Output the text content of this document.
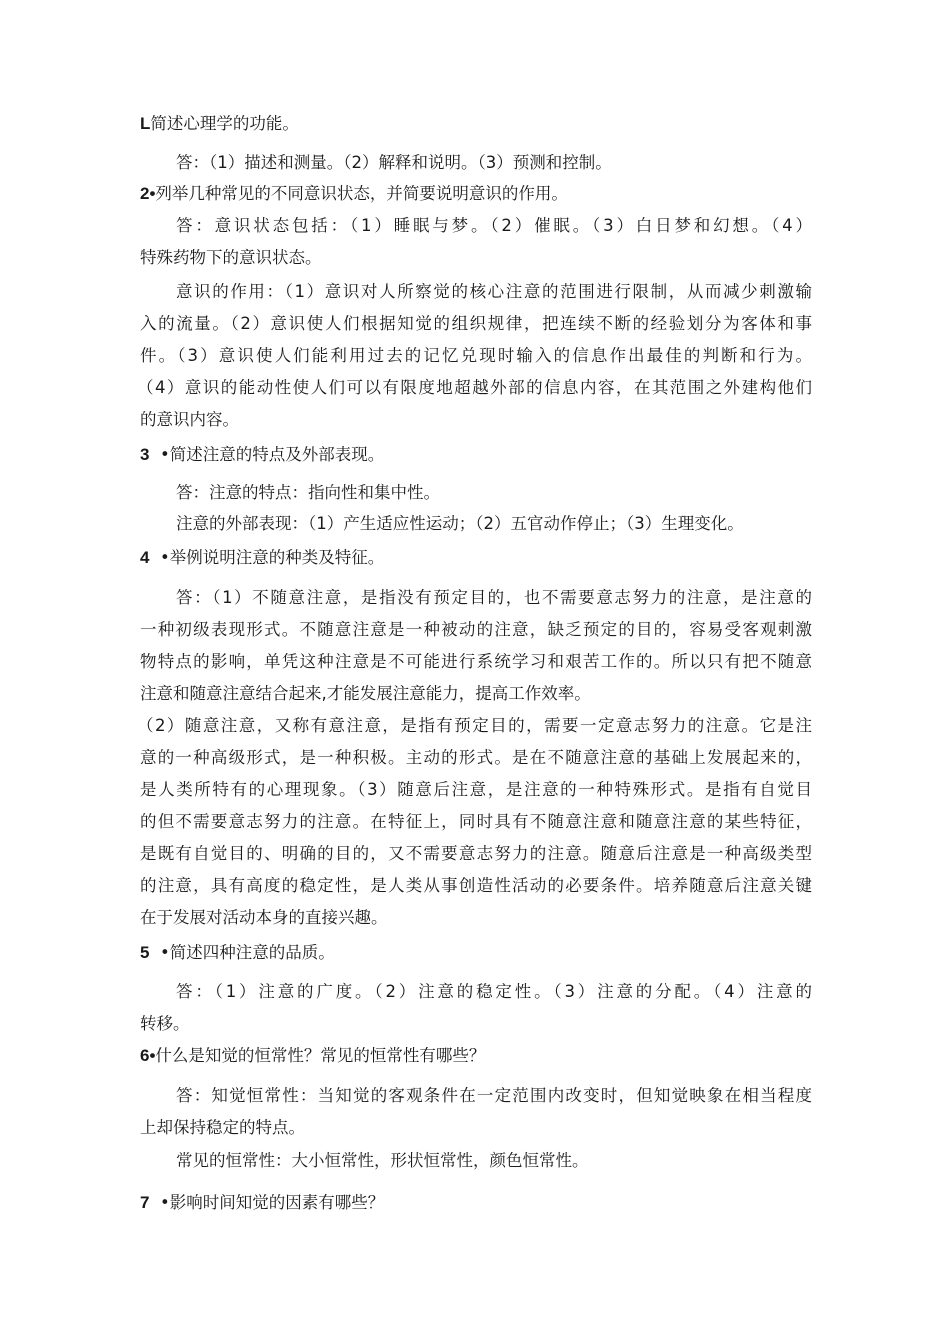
L简述心理学的功能。
答：（1）描述和测量。（2）解释和说明。（3）预测和控制。
2•列举几种常见的不同意识状态，并简要说明意识的作用。
答：意识状态包括：（1）睡眠与梦。（2）催眠。（3）白日梦和幻想。（4）
特殊药物下的意识状态。
意识的作用：（1）意识对人所察觉的核心注意的范围进行限制，从而减少刺激输
入的流量。（2）意识使人们根据知觉的组织规律，把连续不断的经验划分为客体和事
件。（3）意识使人们能利用过去的记忆兑现时输入的信息作出最佳的判断和行为。
（4）意识的能动性使人们可以有限度地超越外部的信息内容，在其范围之外建构他们
的意识内容。
3 •简述注意的特点及外部表现。
答：注意的特点：指向性和集中性。
注意的外部表现：（1）产生适应性运动；（2）五官动作停止；（3）生理变化。
4 •举例说明注意的种类及特征。
答：（1）不随意注意，是指没有预定目的，也不需要意志努力的注意，是注意的
一种初级表现形式。不随意注意是一种被动的注意，缺乏预定的目的，容易受客观刺激
物特点的影响，单凭这种注意是不可能进行系统学习和艰苦工作的。所以只有把不随意
注意和随意注意结合起来,才能发展注意能力，提高工作效率。
（2）随意注意，又称有意注意，是指有预定目的，需要一定意志努力的注意。它是注
意的一种高级形式，是一种积极。主动的形式。是在不随意注意的基础上发展起来的，
是人类所特有的心理现象。（3）随意后注意，是注意的一种特殊形式。是指有自觉目
的但不需要意志努力的注意。在特征上，同时具有不随意注意和随意注意的某些特征，
是既有自觉目的、明确的目的，又不需要意志努力的注意。随意后注意是一种高级类型
的注意，具有高度的稳定性，是人类从事创造性活动的必要条件。培养随意后注意关键
在于发展对活动本身的直接兴趣。
5 •简述四种注意的品质。
答：（1）注意的广度。（2）注意的稳定性。（3）注意的分配。（4）注意的
转移。
6•什么是知觉的恒常性？常见的恒常性有哪些？
答：知觉恒常性：当知觉的客观条件在一定范围内改变时，但知觉映象在相当程度
上却保持稳定的特点。
常见的恒常性：大小恒常性，形状恒常性，颜色恒常性。
7 •影响时间知觉的因素有哪些？
